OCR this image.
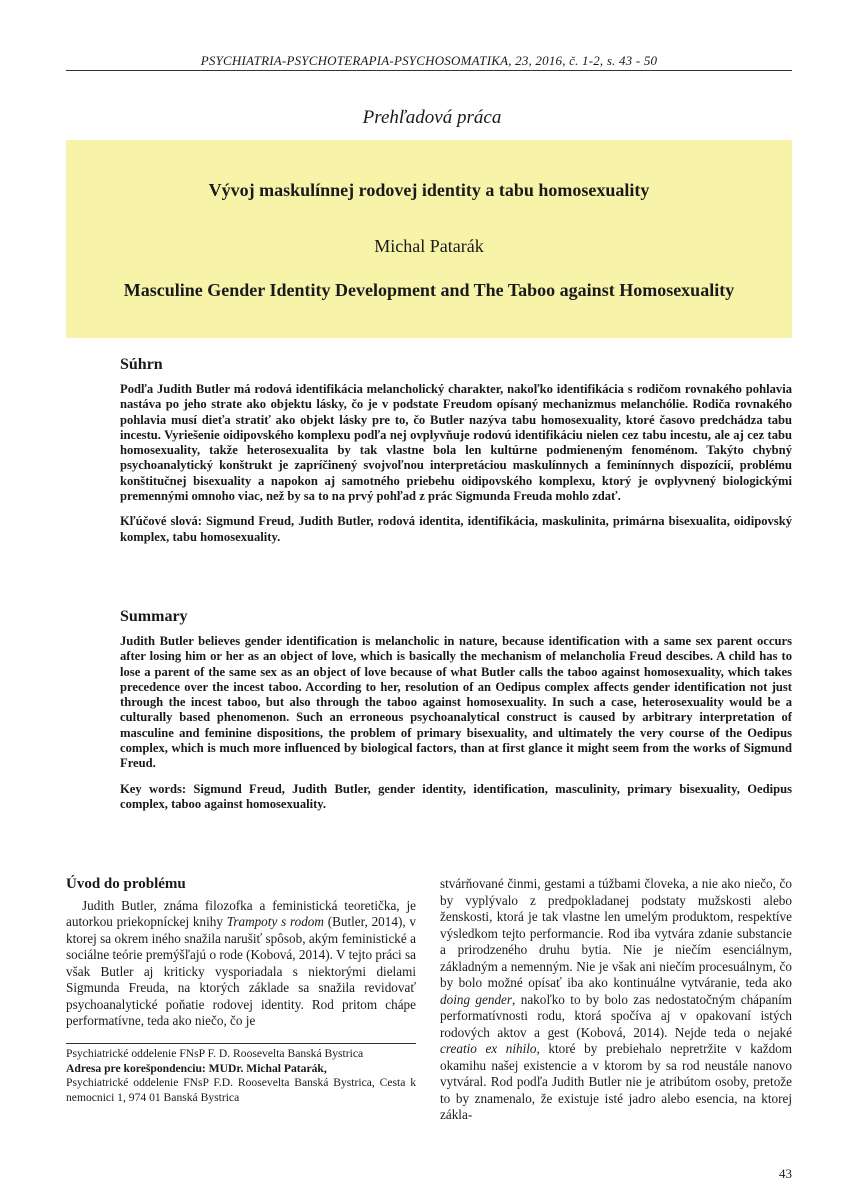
PSYCHIATRIA-PSYCHOTERAPIA-PSYCHOSOMATIKA, 23, 2016, č. 1-2, s. 43 - 50
Prehľadová práca
Vývoj maskulínnej rodovej identity a tabu homosexuality
Michal Patarák
Masculine Gender Identity Development and The Taboo against Homosexuality
Súhrn

Podľa Judith Butler má rodová identifikácia melancholický charakter, nakoľko identifikácia s rodičom rovnakého pohlavia nastáva po jeho strate ako objektu lásky, čo je v podstate Freudom opísaný mechanizmus melanchólie. Rodiča rovnakého pohlavia musí dieťa stratiť ako objekt lásky pre to, čo Butler nazýva tabu homosexuality, ktoré časovo predchádza tabu incestu. Vyriešenie oidipovského komplexu podľa nej ovplyvňuje rodovú identifikáciu nielen cez tabu incestu, ale aj cez tabu homosexuality, takže heterosexualita by tak vlastne bola len kultúrne podmieneným fenoménom. Takýto chybný psychoanalytický konštrukt je zapríčinený svojvoľnou interpretáciou maskulínnych a feminínnych dispozícií, problému konštitučnej bisexuality a napokon aj samotného priebehu oidipovského komplexu, ktorý je ovplyvnený biologickými premennými omnoho viac, než by sa to na prvý pohľad z prác Sigmunda Freuda mohlo zdať.

Kľúčové slová: Sigmund Freud, Judith Butler, rodová identita, identifikácia, maskulinita, primárna bisexualita, oidipovský komplex, tabu homosexuality.

Summary

Judith Butler believes gender identification is melancholic in nature, because identification with a same sex parent occurs after losing him or her as an object of love, which is basically the mechanism of melancholia Freud descibes. A child has to lose a parent of the same sex as an object of love because of what Butler calls the taboo against homosexuality, which takes precedence over the incest taboo. According to her, resolution of an Oedipus complex affects gender identification not just through the incest taboo, but also through the taboo against homosexuality. In such a case, heterosexuality would be a culturally based phenomenon. Such an erroneous psychoanalytical construct is caused by arbitrary interpretation of masculine and feminine dispositions, the problem of primary bisexuality, and ultimately the very course of the Oedipus complex, which is much more influenced by biological factors, than at first glance it might seem from the works of Sigmund Freud.

Key words: Sigmund Freud, Judith Butler, gender identity, identification, masculinity, primary bisexuality, Oedipus complex, taboo against homosexuality.

Úvod do problému

Judith Butler, známa filozofka a feministická teoretička, je autorkou priekopníckej knihy Trampoty s rodom (Butler, 2014), v ktorej sa okrem iného snažila narušiť spôsob, akým feministické a sociálne teórie premýšľajú o rode (Kobová, 2014). V tejto práci sa však Butler aj kriticky vysporiadala s niektorými dielami Sigmunda Freuda, na ktorých základe sa snažila revidovať psychoanalytické poňatie rodovej identity. Rod pritom chápe performatívne, teda ako niečo, čo je

stvárňované činmi, gestami a túžbami človeka, a nie ako niečo, čo by vyplývalo z predpokladanej podstaty mužskosti alebo ženskosti, ktorá je tak vlastne len umelým produktom, respektíve výsledkom tejto performancie. Rod iba vytvára zdanie substancie a prirodzeného druhu bytia. Nie je niečím esenciálnym, základným a nemenným. Nie je však ani niečím procesuálnym, čo by bolo možné opísať iba ako kontinuálne vytváranie, teda ako doing gender, nakoľko to by bolo zas nedostatočným chápaním performatívnosti rodu, ktorá spočíva aj v opakovaní istých rodových aktov a gest (Kobová, 2014). Nejde teda o nejaké creatio ex nihilo, ktoré by prebiehalo nepretržite v každom okamihu našej existencie a v ktorom by sa rod neustále nanovo vytváral. Rod podľa Judith Butler nie je atribútom osoby, pretože to by znamenalo, že existuje isté jadro alebo esencia, na ktorej zákla-

Psychiatrické oddelenie FNsP F. D. Roosevelta Banská Bystrica
Adresa pre korešpondenciu: MUDr. Michal Patarák,
Psychiatrické oddelenie FNsP F.D. Roosevelta Banská Bystrica, Cesta k nemocnici 1, 974 01 Banská Bystrica
43
